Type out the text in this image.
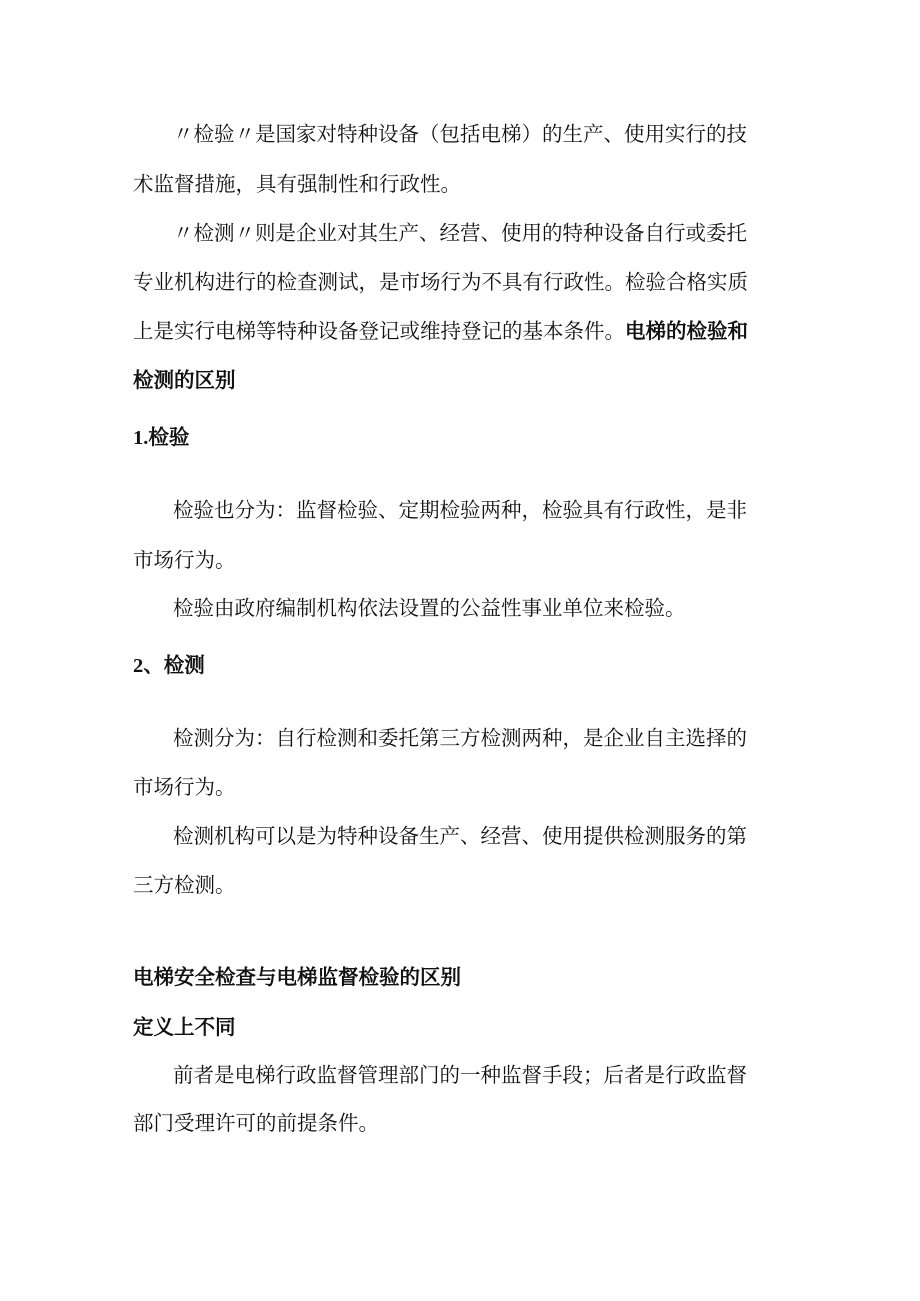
〃检验〃是国家对特种设备（包括电梯）的生产、使用实行的技
术监督措施，具有强制性和行政性。
〃检测〃则是企业对其生产、经营、使用的特种设备自行或委托
专业机构进行的检查测试，是市场行为不具有行政性。检验合格实质
上是实行电梯等特种设备登记或维持登记的基本条件。电梯的检验和
检测的区别
1.检验
检验也分为：监督检验、定期检验两种，检验具有行政性，是非
市场行为。
检验由政府编制机构依法设置的公益性事业单位来检验。
2、检测
检测分为：自行检测和委托第三方检测两种，是企业自主选择的
市场行为。
检测机构可以是为特种设备生产、经营、使用提供检测服务的第
三方检测。
电梯安全检查与电梯监督检验的区别
定义上不同
前者是电梯行政监督管理部门的一种监督手段；后者是行政监督
部门受理许可的前提条件。
